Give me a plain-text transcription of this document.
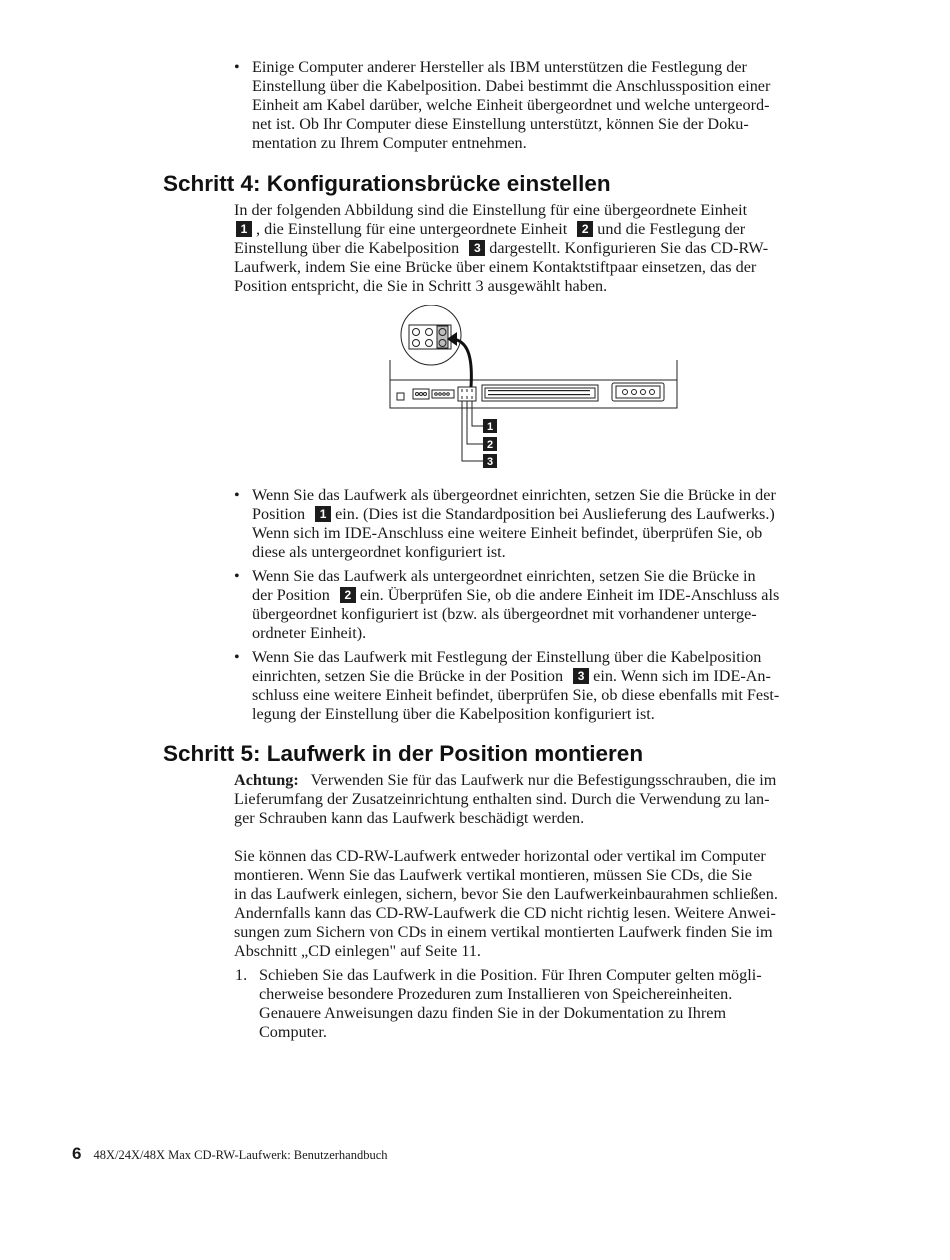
• Einige Computer anderer Hersteller als IBM unterstützen die Festlegung der
Einstellung über die Kabelposition. Dabei bestimmt die Anschlussposition einer
Einheit am Kabel darüber, welche Einheit übergeordnet und welche untergeord-
net ist. Ob Ihr Computer diese Einstellung unterstützt, können Sie der Doku-
mentation zu Ihrem Computer entnehmen.
Schritt 4: Konfigurationsbrücke einstellen
In der folgenden Abbildung sind die Einstellung für eine übergeordnete Einheit
1 , die Einstellung für eine untergeordnete Einheit 2 und die Festlegung der
Einstellung über die Kabelposition 3 dargestellt. Konfigurieren Sie das CD-RW-
Laufwerk, indem Sie eine Brücke über einem Kontaktstiftpaar einsetzen, das der
Position entspricht, die Sie in Schritt 3 ausgewählt haben.
1
2
3
• Wenn Sie das Laufwerk als übergeordnet einrichten, setzen Sie die Brücke in der
Position 1 ein. (Dies ist die Standardposition bei Auslieferung des Laufwerks.)
Wenn sich im IDE-Anschluss eine weitere Einheit befindet, überprüfen Sie, ob
diese als untergeordnet konfiguriert ist.
• Wenn Sie das Laufwerk als untergeordnet einrichten, setzen Sie die Brücke in
der Position 2 ein. Überprüfen Sie, ob die andere Einheit im IDE-Anschluss als
übergeordnet konfiguriert ist (bzw. als übergeordnet mit vorhandener unterge-
ordneter Einheit).
• Wenn Sie das Laufwerk mit Festlegung der Einstellung über die Kabelposition
einrichten, setzen Sie die Brücke in der Position 3 ein. Wenn sich im IDE-An-
schluss eine weitere Einheit befindet, überprüfen Sie, ob diese ebenfalls mit Fest-
legung der Einstellung über die Kabelposition konfiguriert ist.
Schritt 5: Laufwerk in der Position montieren
Achtung: Verwenden Sie für das Laufwerk nur die Befestigungsschrauben, die im
Lieferumfang der Zusatzeinrichtung enthalten sind. Durch die Verwendung zu lan-
ger Schrauben kann das Laufwerk beschädigt werden.
Sie können das CD-RW-Laufwerk entweder horizontal oder vertikal im Computer
montieren. Wenn Sie das Laufwerk vertikal montieren, müssen Sie CDs, die Sie
in das Laufwerk einlegen, sichern, bevor Sie den Laufwerkeinbaurahmen schließen.
Andernfalls kann das CD-RW-Laufwerk die CD nicht richtig lesen. Weitere Anwei-
sungen zum Sichern von CDs in einem vertikal montierten Laufwerk finden Sie im
Abschnitt „CD einlegen" auf Seite 11.
1. Schieben Sie das Laufwerk in die Position. Für Ihren Computer gelten mögli-
cherweise besondere Prozeduren zum Installieren von Speichereinheiten.
Genauere Anweisungen dazu finden Sie in der Dokumentation zu Ihrem
Computer.
6 48X/24X/48X Max CD-RW-Laufwerk: Benutzerhandbuch
